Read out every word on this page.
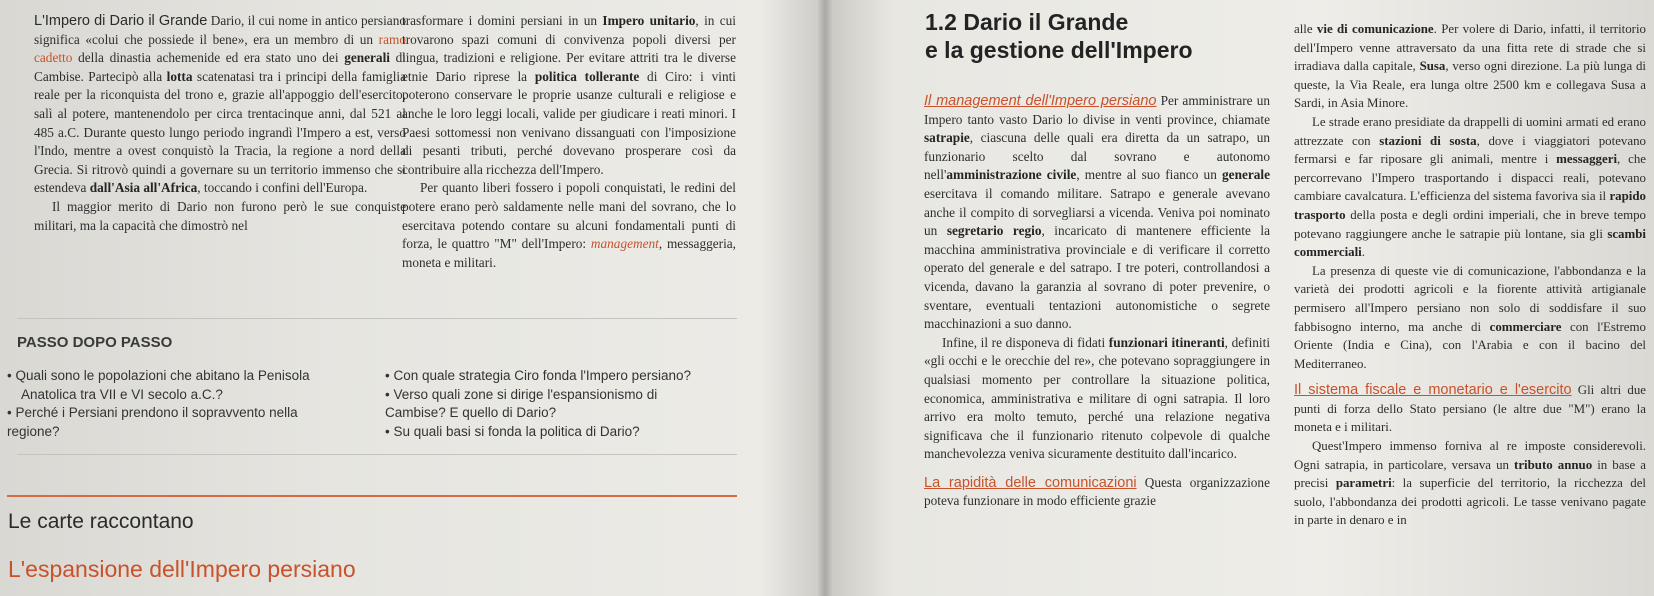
L'Impero di Dario il Grande Dario, il cui nome in antico persiano significa «colui che possiede il bene», era un membro di un ramo cadetto della dinastia achemenide ed era stato uno dei generali di Cambise. Partecipò alla lotta scatenatasi tra i principi della famiglia reale per la riconquista del trono e, grazie all'appoggio dell'esercito, salì al potere, mantenendolo per circa trentacinque anni, dal 521 al 485 a.C. Durante questo lungo periodo ingrandì l'Impero a est, verso l'Indo, mentre a ovest conquistò la Tracia, la regione a nord della Grecia. Si ritrovò quindi a governare su un territorio immenso che si estendeva dall'Asia all'Africa, toccando i confini dell'Europa.

Il maggior merito di Dario non furono però le sue conquiste militari, ma la capacità che dimostrò nel

trasformare i domini persiani in un Impero unitario, in cui trovarono spazi comuni di convivenza popoli diversi per lingua, tradizioni e religione. Per evitare attriti tra le diverse etnie Dario riprese la politica tollerante di Ciro: i vinti poterono conservare le proprie usanze culturali e religiose e anche le loro leggi locali, valide per giudicare i reati minori. I Paesi sottomessi non venivano dissanguati con l'imposizione di pesanti tributi, perché dovevano prosperare così da contribuire alla ricchezza dell'Impero.

Per quanto liberi fossero i popoli conquistati, le redini del potere erano però saldamente nelle mani del sovrano, che lo esercitava potendo contare su alcuni fondamentali punti di forza, le quattro "M" dell'Impero: management, messaggeria, moneta e militari.

PASSO DOPO PASSO
• Quali sono le popolazioni che abitano la Penisola
Anatolica tra VII e VI secolo a.C.?
• Perché i Persiani prendono il sopravvento nella
regione?
• Con quale strategia Ciro fonda l'Impero persiano?
• Verso quali zone si dirige l'espansionismo di
Cambise? E quello di Dario?
• Su quali basi si fonda la politica di Dario?
Le carte raccontano
L'espansione dell'Impero persiano
1.2 Dario il Grande
e la gestione dell'Impero

Il management dell'Impero persiano Per amministrare un Impero tanto vasto Dario lo divise in venti province, chiamate satrapie, ciascuna delle quali era diretta da un satrapo, un funzionario scelto dal sovrano e autonomo nell'amministrazione civile, mentre al suo fianco un generale esercitava il comando militare. Satrapo e generale avevano anche il compito di sorvegliarsi a vicenda. Veniva poi nominato un segretario regio, incaricato di mantenere efficiente la macchina amministrativa provinciale e di verificare il corretto operato del generale e del satrapo. I tre poteri, controllandosi a vicenda, davano la garanzia al sovrano di poter prevenire, o sventare, eventuali tentazioni autonomistiche o segrete macchinazioni a suo danno.

Infine, il re disponeva di fidati funzionari itineranti, definiti «gli occhi e le orecchie del re», che potevano sopraggiungere in qualsiasi momento per controllare la situazione politica, economica, amministrativa e militare di ogni satrapia. Il loro arrivo era molto temuto, perché una relazione negativa significava che il funzionario ritenuto colpevole di qualche manchevolezza veniva sicuramente destituito dall'incarico.

La rapidità delle comunicazioni Questa organizzazione poteva funzionare in modo efficiente grazie

alle vie di comunicazione. Per volere di Dario, infatti, il territorio dell'Impero venne attraversato da una fitta rete di strade che si irradiava dalla capitale, Susa, verso ogni direzione. La più lunga di queste, la Via Reale, era lunga oltre 2500 km e collegava Susa a Sardi, in Asia Minore.

Le strade erano presidiate da drappelli di uomini armati ed erano attrezzate con stazioni di sosta, dove i viaggiatori potevano fermarsi e far riposare gli animali, mentre i messaggeri, che percorrevano l'Impero trasportando i dispacci reali, potevano cambiare cavalcatura. L'efficienza del sistema favoriva sia il rapido trasporto della posta e degli ordini imperiali, che in breve tempo potevano raggiungere anche le satrapie più lontane, sia gli scambi commerciali.

La presenza di queste vie di comunicazione, l'abbondanza e la varietà dei prodotti agricoli e la fiorente attività artigianale permisero all'Impero persiano non solo di soddisfare il suo fabbisogno interno, ma anche di commerciare con l'Estremo Oriente (India e Cina), con l'Arabia e con il bacino del Mediterraneo.

Il sistema fiscale e monetario e l'esercito Gli altri due punti di forza dello Stato persiano (le altre due "M") erano la moneta e i militari.

Quest'Impero immenso forniva al re imposte considerevoli. Ogni satrapia, in particolare, versava un tributo annuo in base a precisi parametri: la superficie del territorio, la ricchezza del suolo, l'abbondanza dei prodotti agricoli. Le tasse venivano pagate in parte in denaro e in
